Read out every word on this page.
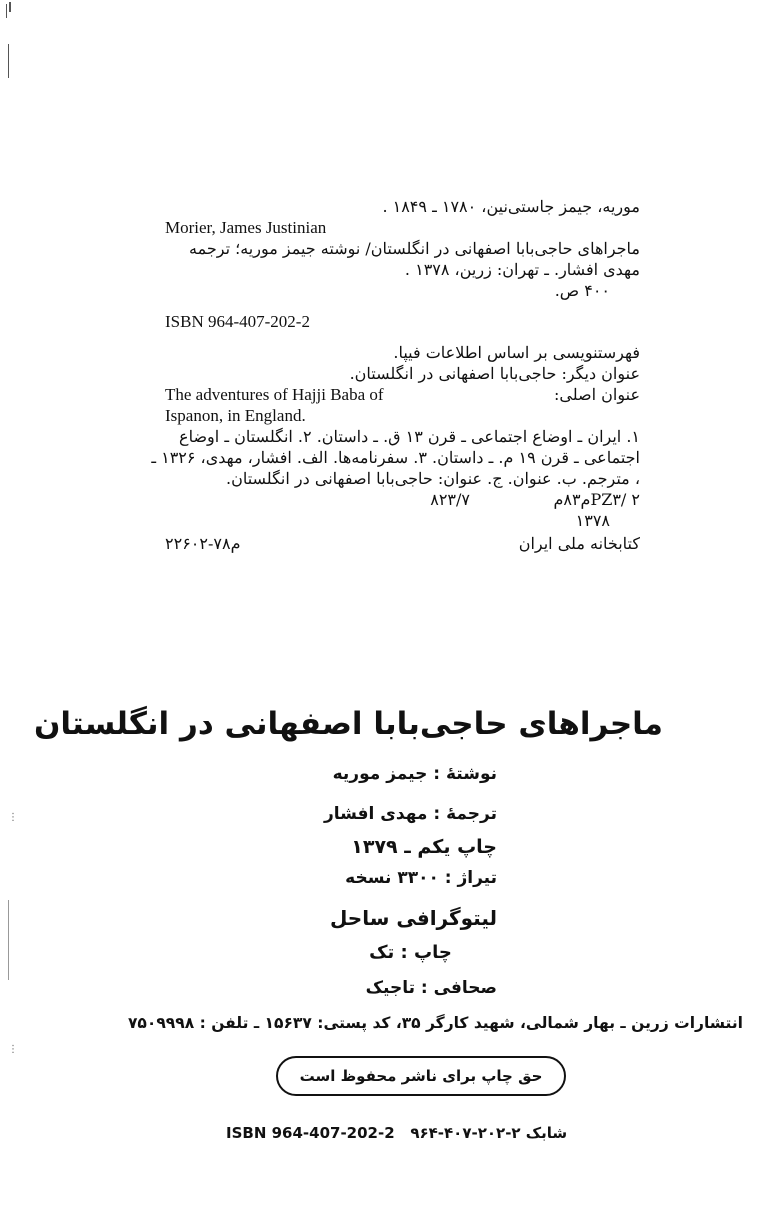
⋮
⋮
موریه، جیمز جاستی‌نین، ۱۷۸۰ ـ ۱۸۴۹ .
Morier, James Justinian
ماجراهای حاجی‌بابا اصفهانی در انگلستان/ نوشته جیمز موریه؛ ترجمه
مهدی افشار. ـ تهران: زرین، ۱۳۷۸ .
۴۰۰ ص.
ISBN 964-407-202-2
فهرستنویسی بر اساس اطلاعات فیپا.
عنوان دیگر: حاجی‌بابا اصفهانی در انگلستان.
The adventures of Hajji Baba of	عنوان اصلی:
Ispanon, in England.
۱. ایران ـ اوضاع اجتماعی ـ قرن ۱۳ ق. ـ داستان. ۲. انگلستان ـ اوضاع
اجتماعی ـ قرن ۱۹ م. ـ داستان. ۳. سفرنامه‌ها. الف. افشار، مهدی، ۱۳۲۶ ـ
، مترجم. ب. عنوان. ج. عنوان: حاجی‌بابا اصفهانی در انگلستان.
PZ۳/ ۲م۸۳م
۸۲۳/۷
۱۳۷۸
م۷۸-۲۲۶۰۲	کتابخانه ملی ایران
ماجراهای حاجی‌بابا اصفهانی در انگلستان
نوشتهٔ : جیمز موریه
ترجمهٔ : مهدی افشار
چاپ یکم ـ ۱۳۷۹
تیراژ : ۳۳۰۰ نسخه
لیتوگرافی ساحل
چاپ : تک
صحافی : تاجیک
انتشارات زرین ـ بهار شمالی، شهید کارگر ۳۵، کد پستی: ۱۵۶۳۷ ـ تلفن : ۷۵۰۹۹۹۸
حق چاپ برای ناشر محفوظ است
ISBN 964-407-202-2 شابک ۲-۲۰۲-۴۰۷-۹۶۴
